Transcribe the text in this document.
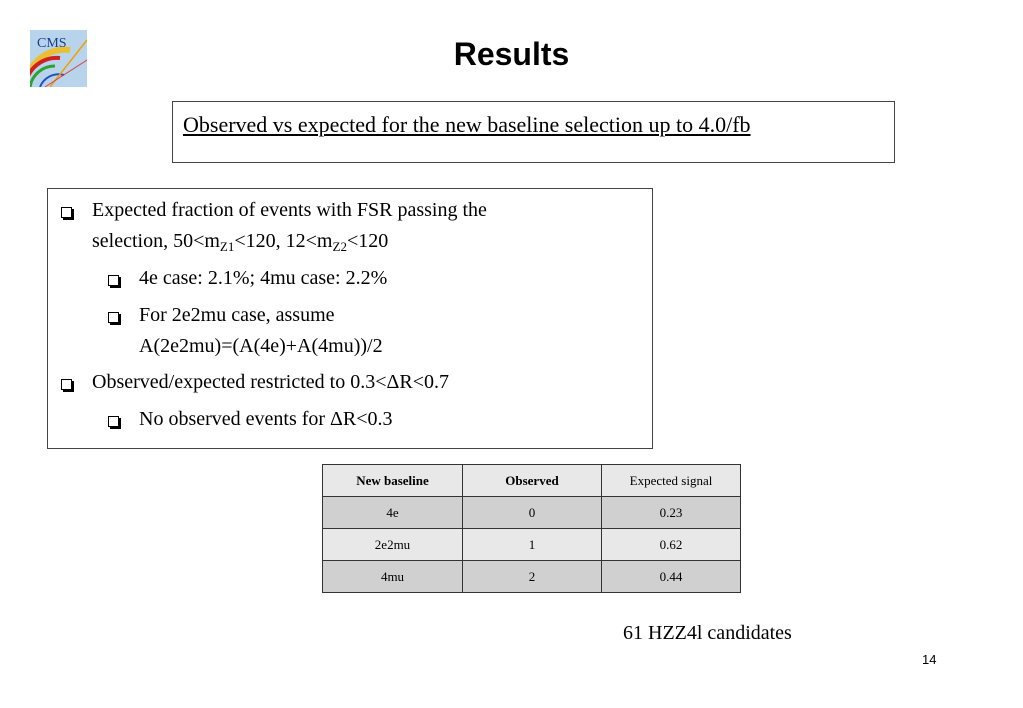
CMS	Results
Observed vs expected for the new baseline selection up to 4.0/fb
Expected fraction of events with FSR passing the
selection, $50<m_{Z1}<120$, $12<m_{Z2}<120$
4e case: 2.1%; 4mu case: 2.2%
For 2e2mu case, assume
A(2e2mu)=(A(4e)+A(4mu))/2
Observed/expected restricted to 0.3<ΔR<0.7
No observed events for ΔR<0.3
New baseline	Observed	Expected signal
4e	0	0.23
2e2mu	1	0.62
4mu	2	0.44
61 HZZ4l candidates
14
